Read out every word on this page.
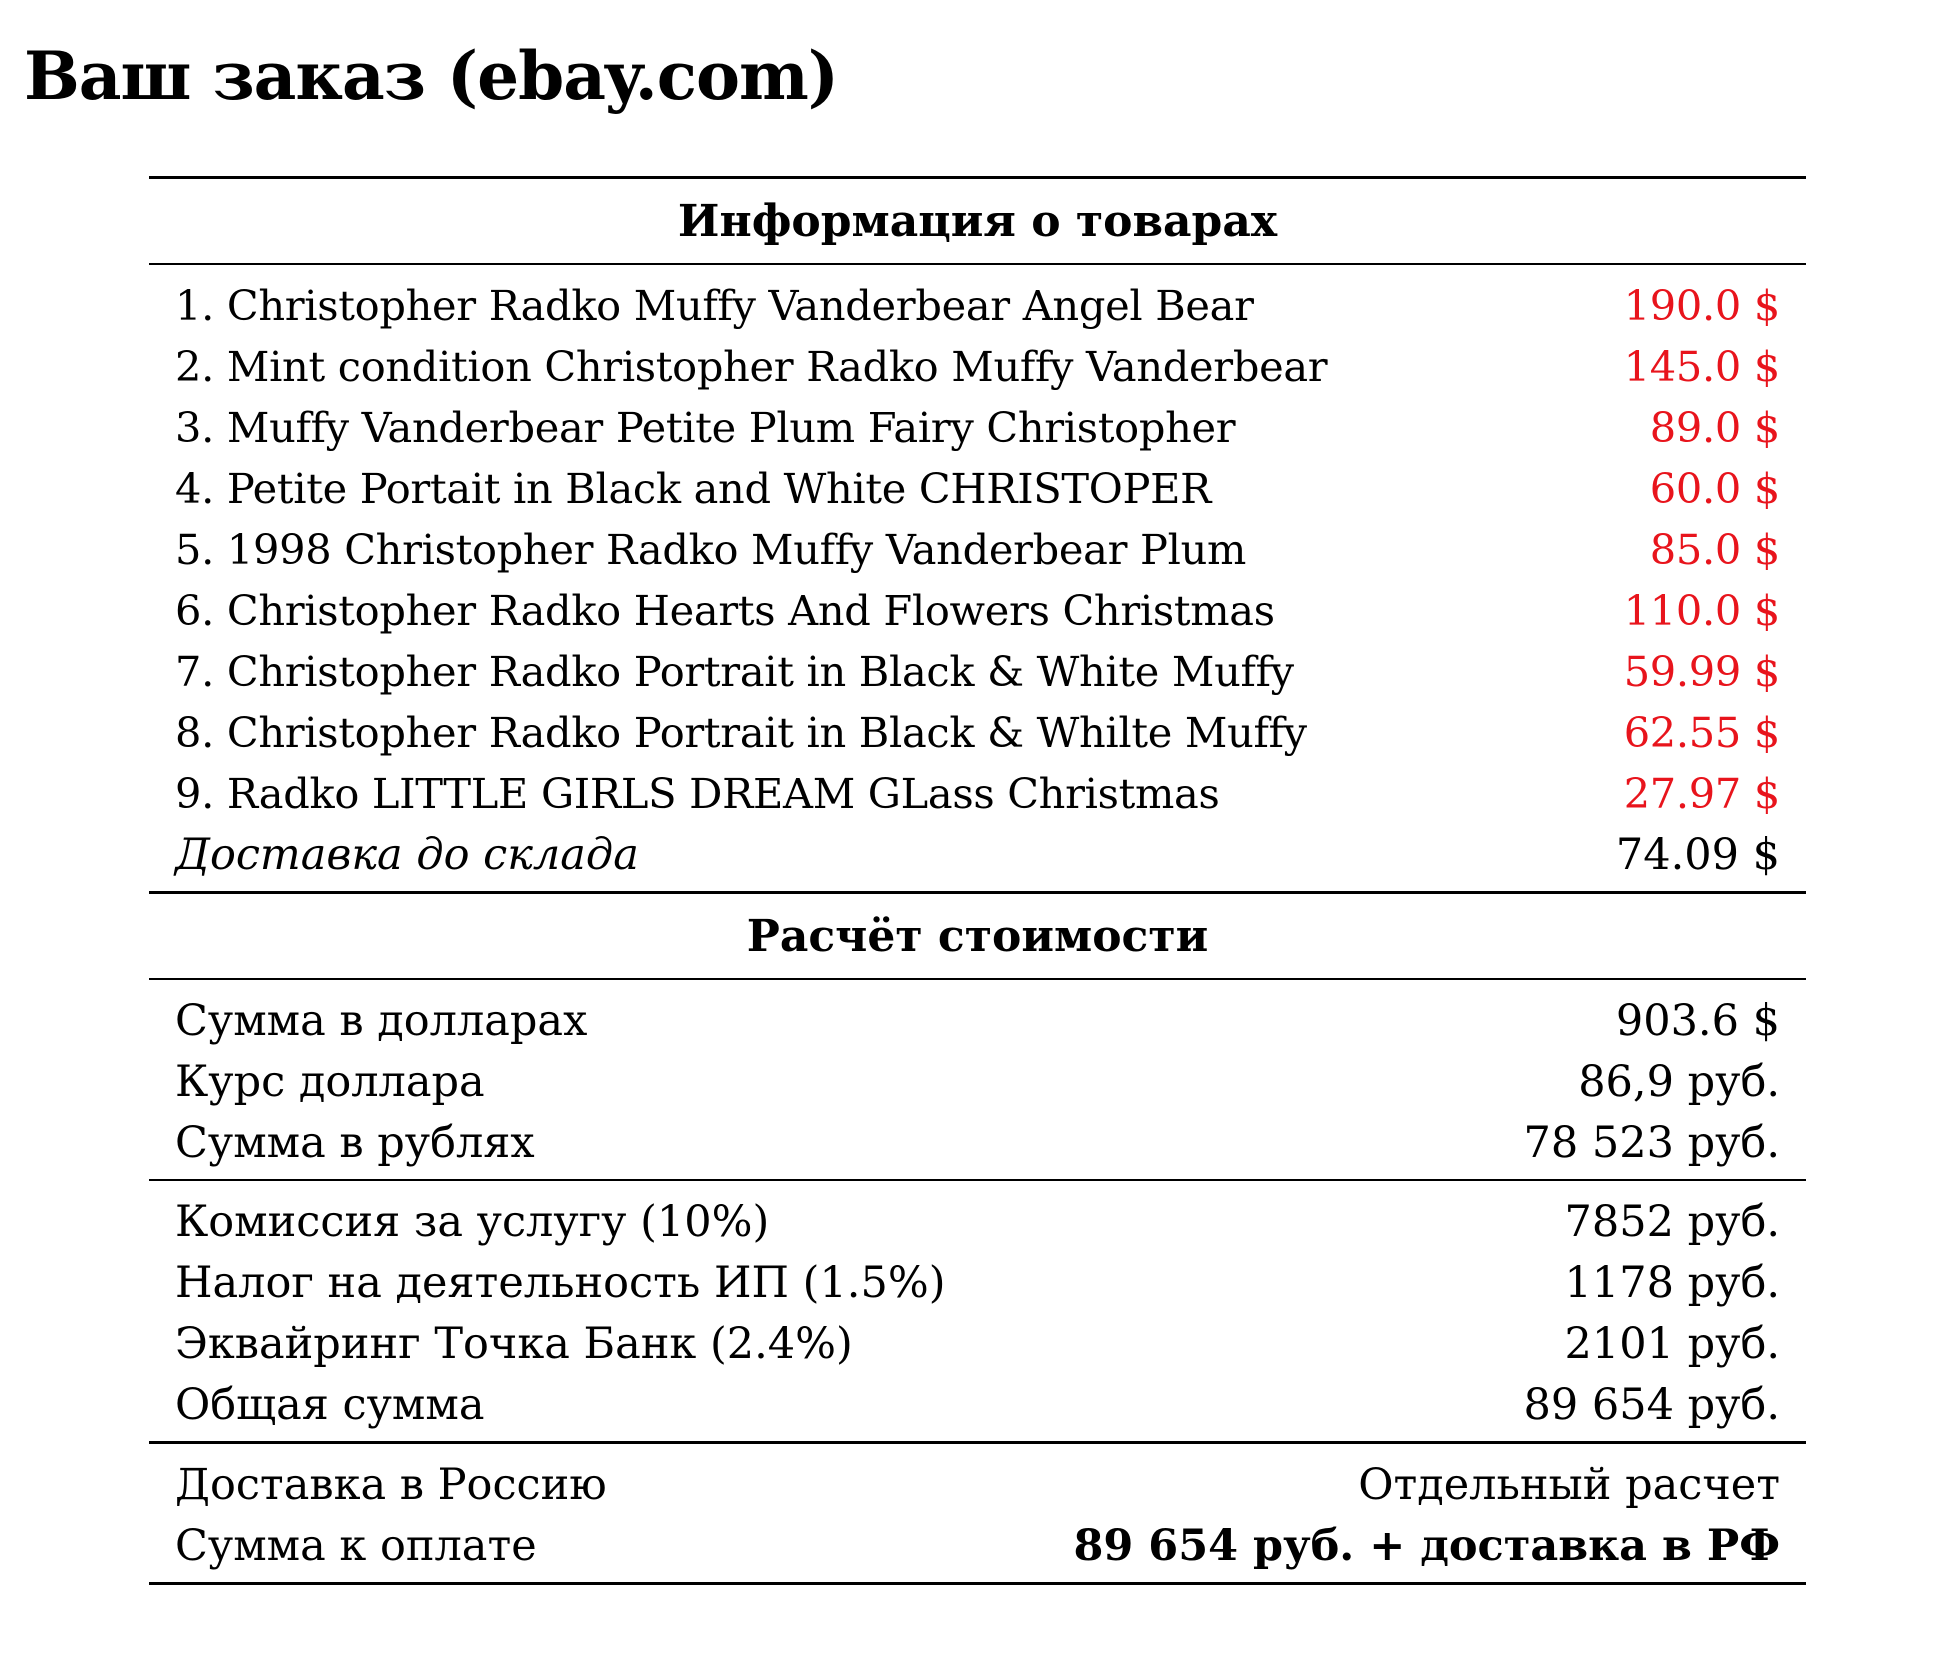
Ваш заказ (ebay.com)
Информация о товарах
1. Christopher Radko Muffy Vanderbear Angel Bear	190.0 $
2. Mint condition Christopher Radko Muffy Vanderbear	145.0 $
3. Muffy Vanderbear Petite Plum Fairy Christopher	89.0 $
4. Petite Portait in Black and White CHRISTOPER	60.0 $
5. 1998 Christopher Radko Muffy Vanderbear Plum	85.0 $
6. Christopher Radko Hearts And Flowers Christmas	110.0 $
7. Christopher Radko Portrait in Black & White Muffy	59.99 $
8. Christopher Radko Portrait in Black & Whilte Muffy	62.55 $
9. Radko LITTLE GIRLS DREAM GLass Christmas	27.97 $
Доставка до склада	74.09 $
Расчёт стоимости
Сумма в долларах	903.6 $
Курс доллара	86,9 руб.
Сумма в рублях	78 523 руб.
Комиссия за услугу (10%)	7852 руб.
Налог на деятельность ИП (1.5%)	1178 руб.
Эквайринг Точка Банк (2.4%)	2101 руб.
Общая сумма	89 654 руб.
Доставка в Россию	Отдельный расчет
Сумма к оплате	89 654 руб. + доставка в РФ
